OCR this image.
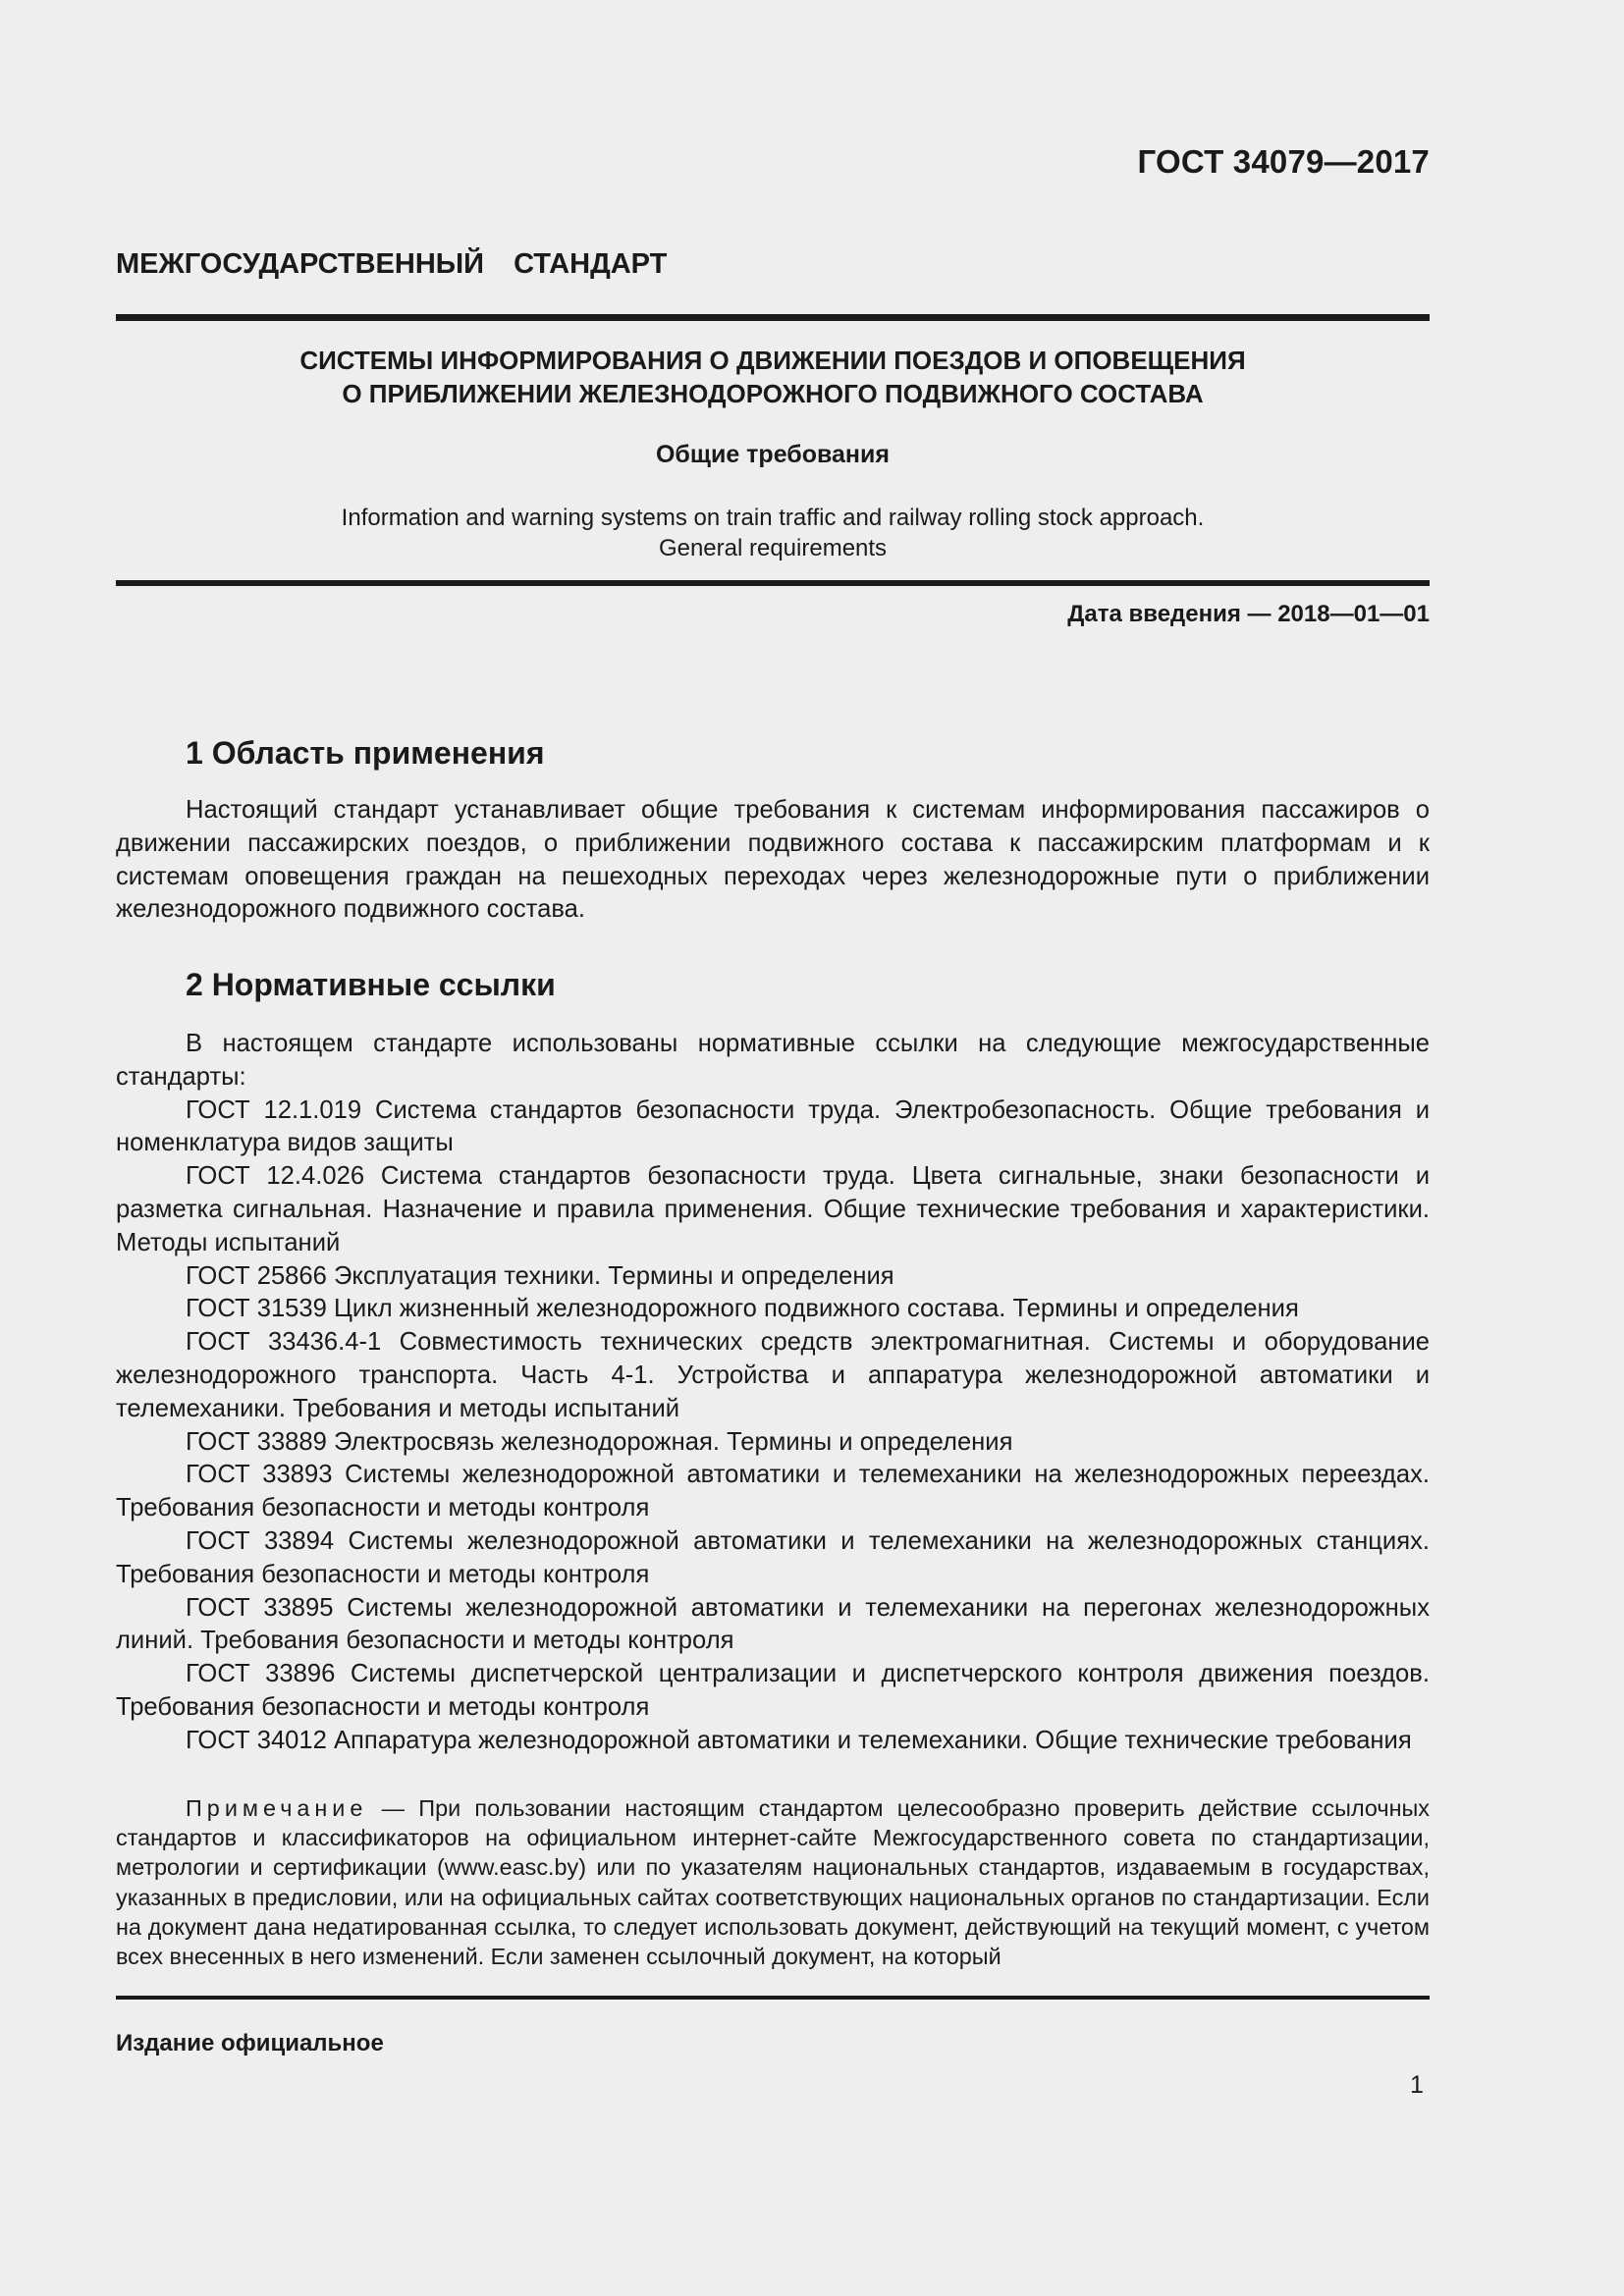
ГОСТ 34079—2017
МЕЖГОСУДАРСТВЕННЫЙ СТАНДАРТ
СИСТЕМЫ ИНФОРМИРОВАНИЯ О ДВИЖЕНИИ ПОЕЗДОВ И ОПОВЕЩЕНИЯ
О ПРИБЛИЖЕНИИ ЖЕЛЕЗНОДОРОЖНОГО ПОДВИЖНОГО СОСТАВА
Общие требования
Information and warning systems on train traffic and railway rolling stock approach.
General requirements
Дата введения — 2018—01—01
1 Область применения

Настоящий стандарт устанавливает общие требования к системам информирования пассажиров о движении пассажирских поездов, о приближении подвижного состава к пассажирским платформам и к системам оповещения граждан на пешеходных переходах через железнодорожные пути о приближении железнодорожного подвижного состава.

2 Нормативные ссылки

В настоящем стандарте использованы нормативные ссылки на следующие межгосударственные стандарты:

ГОСТ 12.1.019 Система стандартов безопасности труда. Электробезопасность. Общие требования и номенклатура видов защиты

ГОСТ 12.4.026 Система стандартов безопасности труда. Цвета сигнальные, знаки безопасности и разметка сигнальная. Назначение и правила применения. Общие технические требования и характеристики. Методы испытаний

ГОСТ 25866 Эксплуатация техники. Термины и определения

ГОСТ 31539 Цикл жизненный железнодорожного подвижного состава. Термины и определения

ГОСТ 33436.4-1 Совместимость технических средств электромагнитная. Системы и оборудование железнодорожного транспорта. Часть 4-1. Устройства и аппаратура железнодорожной автоматики и телемеханики. Требования и методы испытаний

ГОСТ 33889 Электросвязь железнодорожная. Термины и определения

ГОСТ 33893 Системы железнодорожной автоматики и телемеханики на железнодорожных переездах. Требования безопасности и методы контроля

ГОСТ 33894 Системы железнодорожной автоматики и телемеханики на железнодорожных станциях. Требования безопасности и методы контроля

ГОСТ 33895 Системы железнодорожной автоматики и телемеханики на перегонах железнодорожных линий. Требования безопасности и методы контроля

ГОСТ 33896 Системы диспетчерской централизации и диспетчерского контроля движения поездов. Требования безопасности и методы контроля

ГОСТ 34012 Аппаратура железнодорожной автоматики и телемеханики. Общие технические требования

Примечание — При пользовании настоящим стандартом целесообразно проверить действие ссылочных стандартов и классификаторов на официальном интернет-сайте Межгосударственного совета по стандартизации, метрологии и сертификации (www.easc.by) или по указателям национальных стандартов, издаваемым в государствах, указанных в предисловии, или на официальных сайтах соответствующих национальных органов по стандартизации. Если на документ дана недатированная ссылка, то следует использовать документ, действующий на текущий момент, с учетом всех внесенных в него изменений. Если заменен ссылочный документ, на который
Издание официальное
1
